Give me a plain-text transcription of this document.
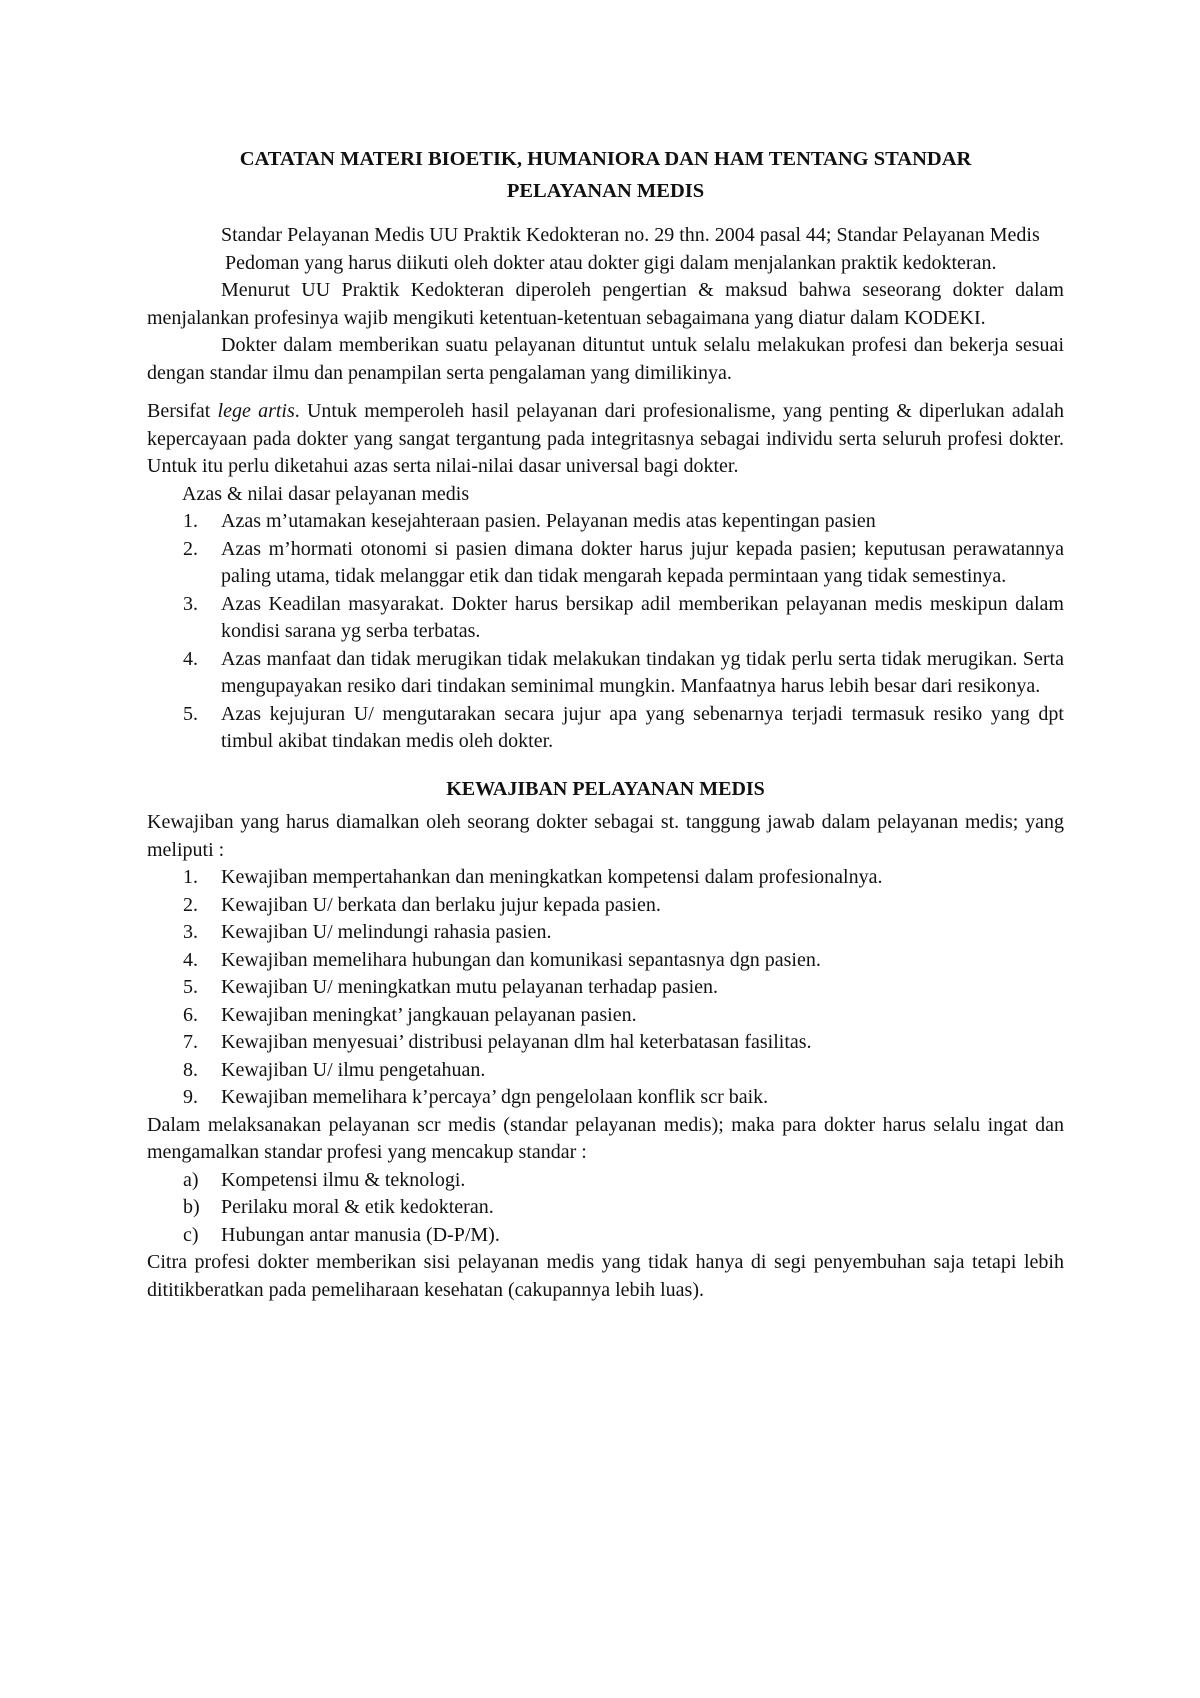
CATATAN MATERI BIOETIK, HUMANIORA DAN HAM TENTANG STANDAR
PELAYANAN MEDIS

Standar Pelayanan Medis UU Praktik Kedokteran no. 29 thn. 2004 pasal 44; Standar Pelayanan Medis

Pedoman yang harus diikuti oleh dokter atau dokter gigi dalam menjalankan praktik kedokteran.

Menurut UU Praktik Kedokteran diperoleh pengertian & maksud bahwa seseorang dokter dalam menjalankan profesinya wajib mengikuti ketentuan-ketentuan sebagaimana yang diatur dalam KODEKI.

Dokter dalam memberikan suatu pelayanan dituntut untuk selalu melakukan profesi dan bekerja sesuai dengan standar ilmu dan penampilan serta pengalaman yang dimilikinya.

Bersifat lege artis. Untuk memperoleh hasil pelayanan dari profesionalisme, yang penting & diperlukan adalah kepercayaan pada dokter yang sangat tergantung pada integritasnya sebagai individu serta seluruh profesi dokter. Untuk itu perlu diketahui azas serta nilai-nilai dasar universal bagi dokter.

Azas & nilai dasar pelayanan medis

1. Azas m’utamakan kesejahteraan pasien. Pelayanan medis atas kepentingan pasien
2. Azas m’hormati otonomi si pasien dimana dokter harus jujur kepada pasien; keputusan perawatannya paling utama, tidak melanggar etik dan tidak mengarah kepada permintaan yang tidak semestinya.
3. Azas Keadilan masyarakat. Dokter harus bersikap adil memberikan pelayanan medis meskipun dalam kondisi sarana yg serba terbatas.
4. Azas manfaat dan tidak merugikan tidak melakukan tindakan yg tidak perlu serta tidak merugikan. Serta mengupayakan resiko dari tindakan seminimal mungkin. Manfaatnya harus lebih besar dari resikonya.
5. Azas kejujuran U/ mengutarakan secara jujur apa yang sebenarnya terjadi termasuk resiko yang dpt timbul akibat tindakan medis oleh dokter.
KEWAJIBAN PELAYANAN MEDIS

Kewajiban yang harus diamalkan oleh seorang dokter sebagai st. tanggung jawab dalam pelayanan medis; yang meliputi :

1. Kewajiban mempertahankan dan meningkatkan kompetensi dalam profesionalnya.
2. Kewajiban U/ berkata dan berlaku jujur kepada pasien.
3. Kewajiban U/ melindungi rahasia pasien.
4. Kewajiban memelihara hubungan dan komunikasi sepantasnya dgn pasien.
5. Kewajiban U/ meningkatkan mutu pelayanan terhadap pasien.
6. Kewajiban meningkat’ jangkauan pelayanan pasien.
7. Kewajiban menyesuai’ distribusi pelayanan dlm hal keterbatasan fasilitas.
8. Kewajiban U/ ilmu pengetahuan.
9. Kewajiban memelihara k’percaya’ dgn pengelolaan konflik scr baik.

Dalam melaksanakan pelayanan scr medis (standar pelayanan medis); maka para dokter harus selalu ingat dan mengamalkan standar profesi yang mencakup standar :

a) Kompetensi ilmu & teknologi.
b) Perilaku moral & etik kedokteran.
c) Hubungan antar manusia (D-P/M).

Citra profesi dokter memberikan sisi pelayanan medis yang tidak hanya di segi penyembuhan saja tetapi lebih dititikberatkan pada pemeliharaan kesehatan (cakupannya lebih luas).
